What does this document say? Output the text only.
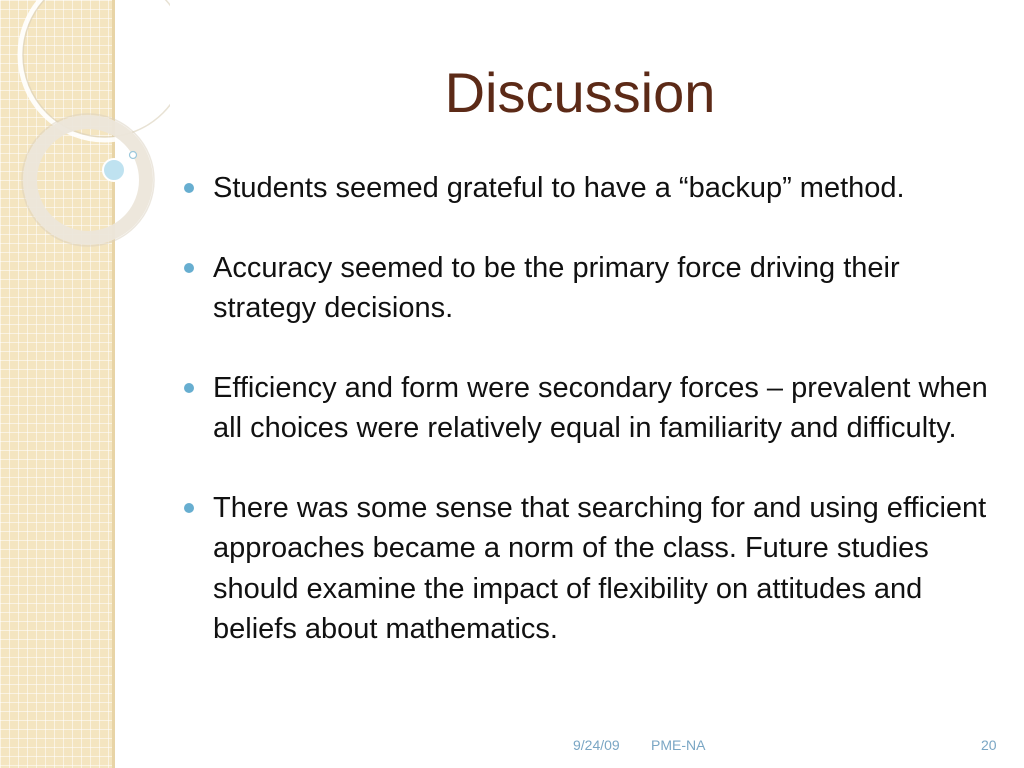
Discussion
Students seemed grateful to have a “backup” method.
Accuracy seemed to be the primary force driving their strategy decisions.
Efficiency and form were secondary forces – prevalent when all choices were relatively equal in familiarity and difficulty.
There was some sense that searching for and using efficient approaches became a norm of the class. Future studies should examine the impact of flexibility on attitudes and beliefs about mathematics.
9/24/09 PME-NA	20
